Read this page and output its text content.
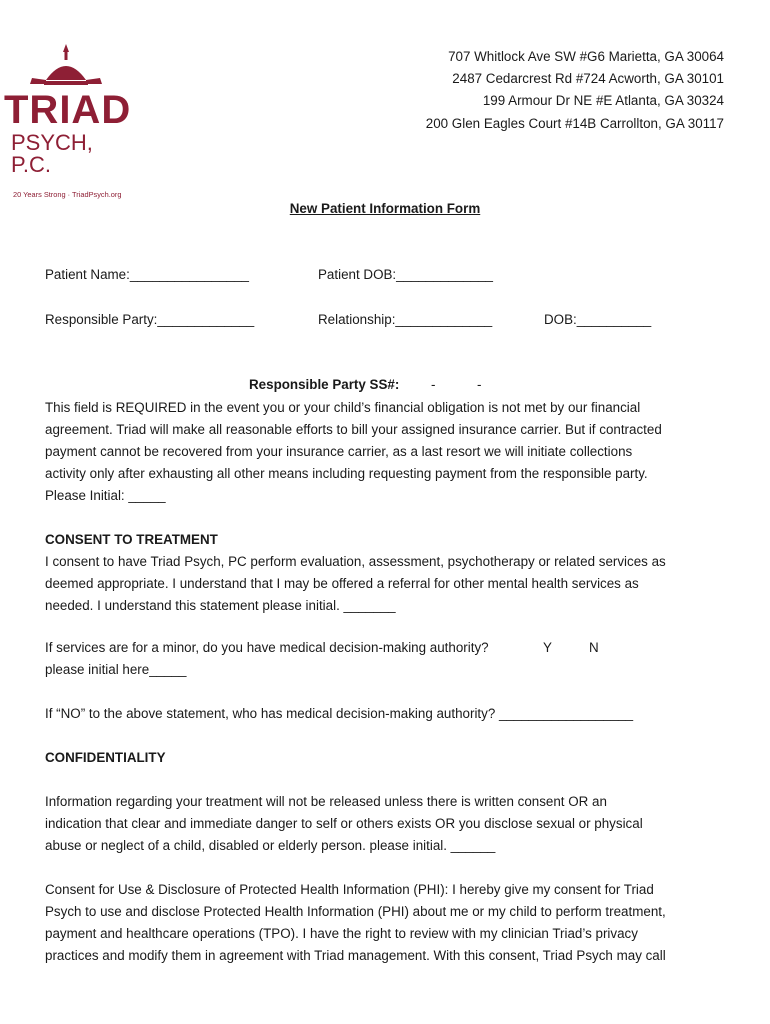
TRIAD
PSYCH, P.C.
20 Years Strong · TriadPsych.org
707 Whitlock Ave SW #G6 Marietta, GA 30064
2487 Cedarcrest Rd #724 Acworth, GA 30101
199 Armour Dr NE #E Atlanta, GA 30324
200 Glen Eagles Court #14B Carrollton, GA 30117
New Patient Information Form
Patient Name:________________	Patient DOB:_____________
Responsible Party:_____________	Relationship:_____________	DOB:__________
Responsible Party SS#: -	-
This field is REQUIRED in the event you or your child’s financial obligation is not met by our financial
agreement. Triad will make all reasonable efforts to bill your assigned insurance carrier. But if contracted
payment cannot be recovered from your insurance carrier, as a last resort we will initiate collections
activity only after exhausting all other means including requesting payment from the responsible party.
Please Initial: _____
CONSENT TO TREATMENT
I consent to have Triad Psych, PC perform evaluation, assessment, psychotherapy or related services as
deemed appropriate. I understand that I may be offered a referral for other mental health services as
needed. I understand this statement please initial. _______
If services are for a minor, do you have medical decision-making authority?	Y	N
please initial here_____
If “NO” to the above statement, who has medical decision-making authority? __________________
CONFIDENTIALITY
Information regarding your treatment will not be released unless there is written consent OR an
indication that clear and immediate danger to self or others exists OR you disclose sexual or physical
abuse or neglect of a child, disabled or elderly person. please initial. ______
Consent for Use & Disclosure of Protected Health Information (PHI): I hereby give my consent for Triad
Psych to use and disclose Protected Health Information (PHI) about me or my child to perform treatment,
payment and healthcare operations (TPO). I have the right to review with my clinician Triad’s privacy
practices and modify them in agreement with Triad management. With this consent, Triad Psych may call
